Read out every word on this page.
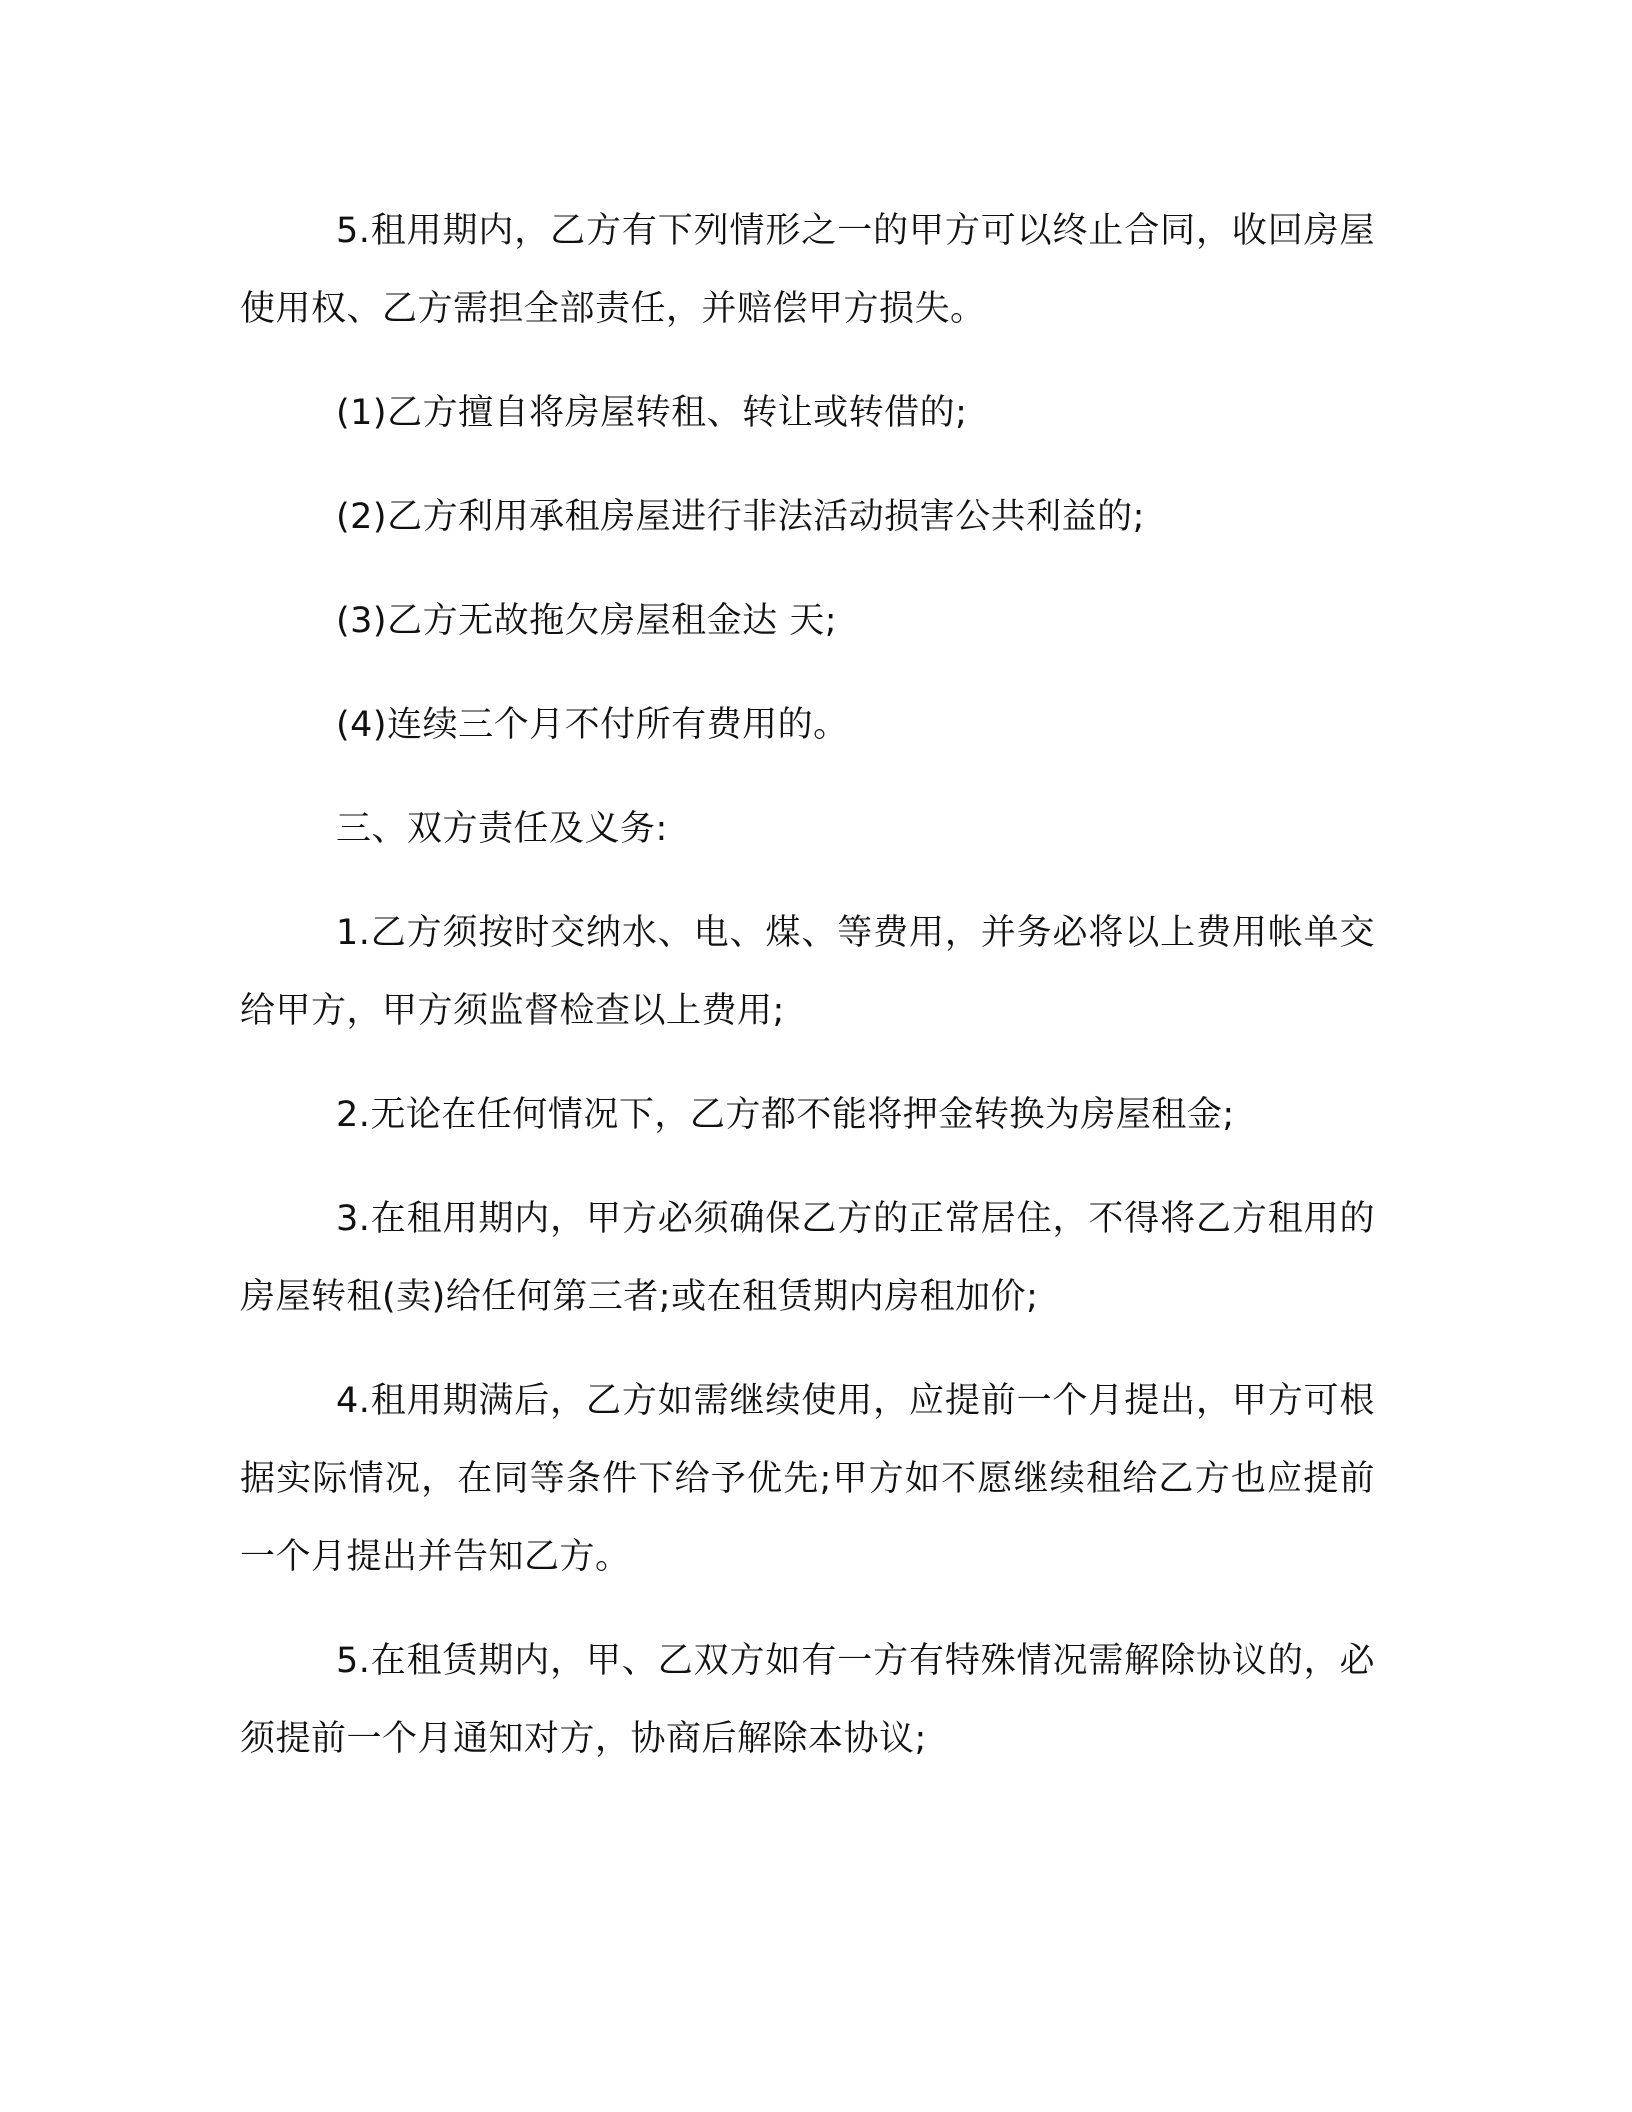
5.租用期内，乙方有下列情形之一的甲方可以终止合同，收回房屋使用权、乙方需担全部责任，并赔偿甲方损失。

(1)乙方擅自将房屋转租、转让或转借的;

(2)乙方利用承租房屋进行非法活动损害公共利益的;

(3)乙方无故拖欠房屋租金达 天;

(4)连续三个月不付所有费用的。

三、双方责任及义务:

1.乙方须按时交纳水、电、煤、等费用，并务必将以上费用帐单交给甲方，甲方须监督检查以上费用;

2.无论在任何情况下，乙方都不能将押金转换为房屋租金;

3.在租用期内，甲方必须确保乙方的正常居住，不得将乙方租用的房屋转租(卖)给任何第三者;或在租赁期内房租加价;

4.租用期满后，乙方如需继续使用，应提前一个月提出，甲方可根据实际情况，在同等条件下给予优先;甲方如不愿继续租给乙方也应提前一个月提出并告知乙方。

5.在租赁期内，甲、乙双方如有一方有特殊情况需解除协议的，必须提前一个月通知对方，协商后解除本协议;
